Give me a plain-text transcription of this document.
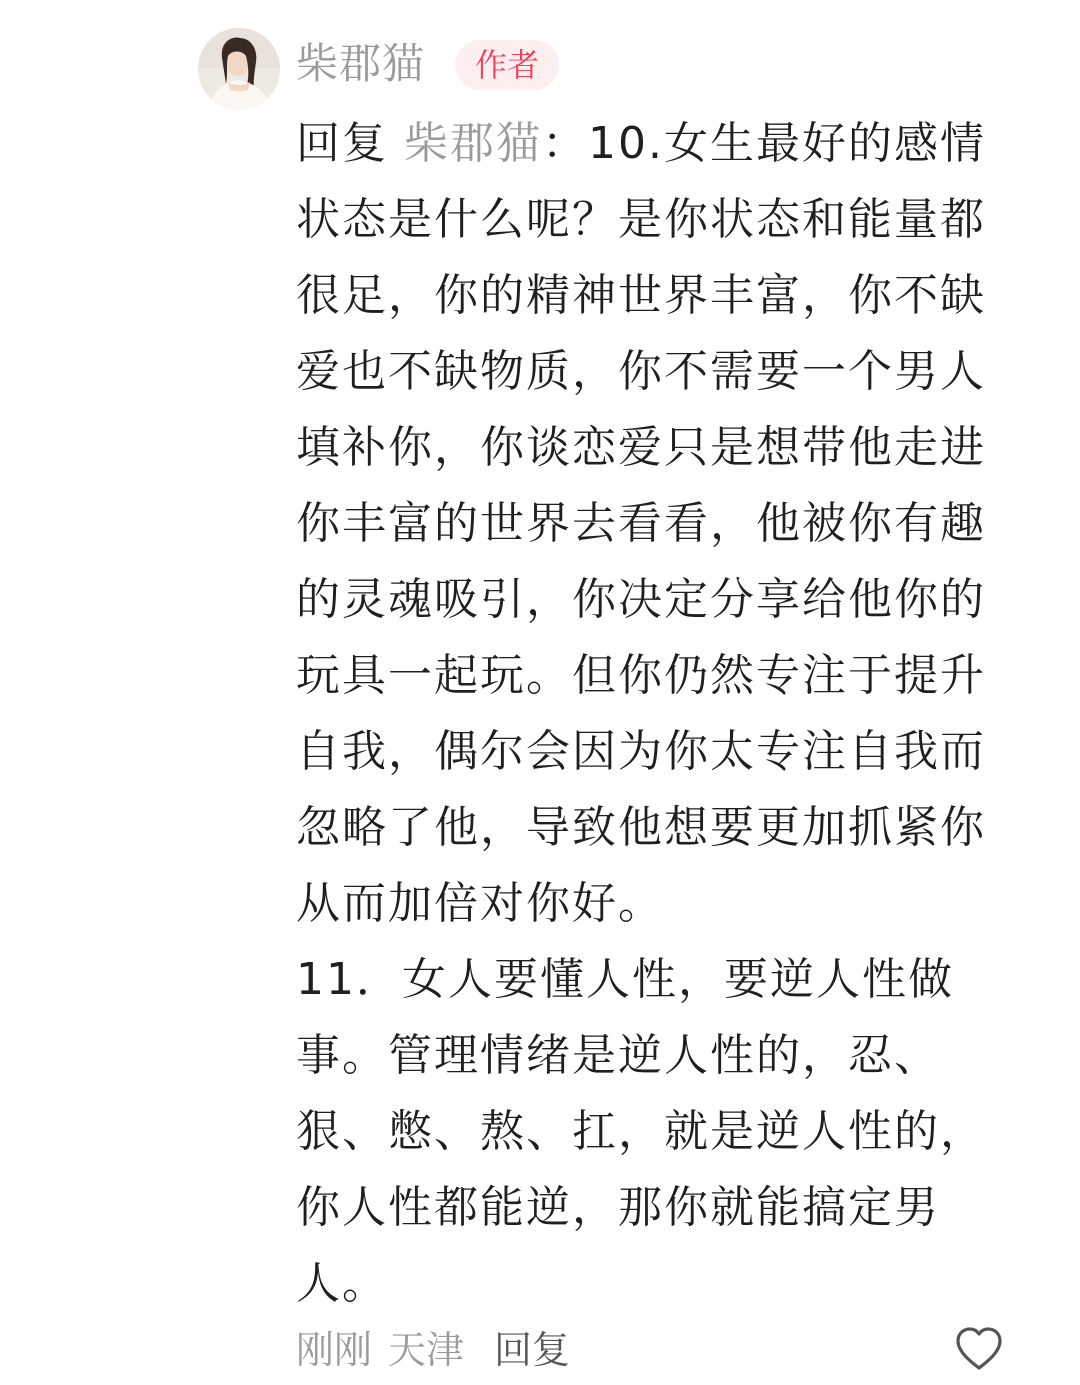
柴郡猫	作者

回复 柴郡猫：10.女生最好的感情
状态是什么呢？是你状态和能量都
很足，你的精神世界丰富，你不缺
爱也不缺物质，你不需要一个男人
填补你，你谈恋爱只是想带他走进
你丰富的世界去看看，他被你有趣
的灵魂吸引，你决定分享给他你的
玩具一起玩。但你仍然专注于提升
自我，偶尔会因为你太专注自我而
忽略了他，导致他想要更加抓紧你
从而加倍对你好。
11．女人要懂人性，要逆人性做
事。管理情绪是逆人性的，忍、
狠、憋、熬、扛，就是逆人性的，
你人性都能逆，那你就能搞定男
人。

刚刚 天津 回复
